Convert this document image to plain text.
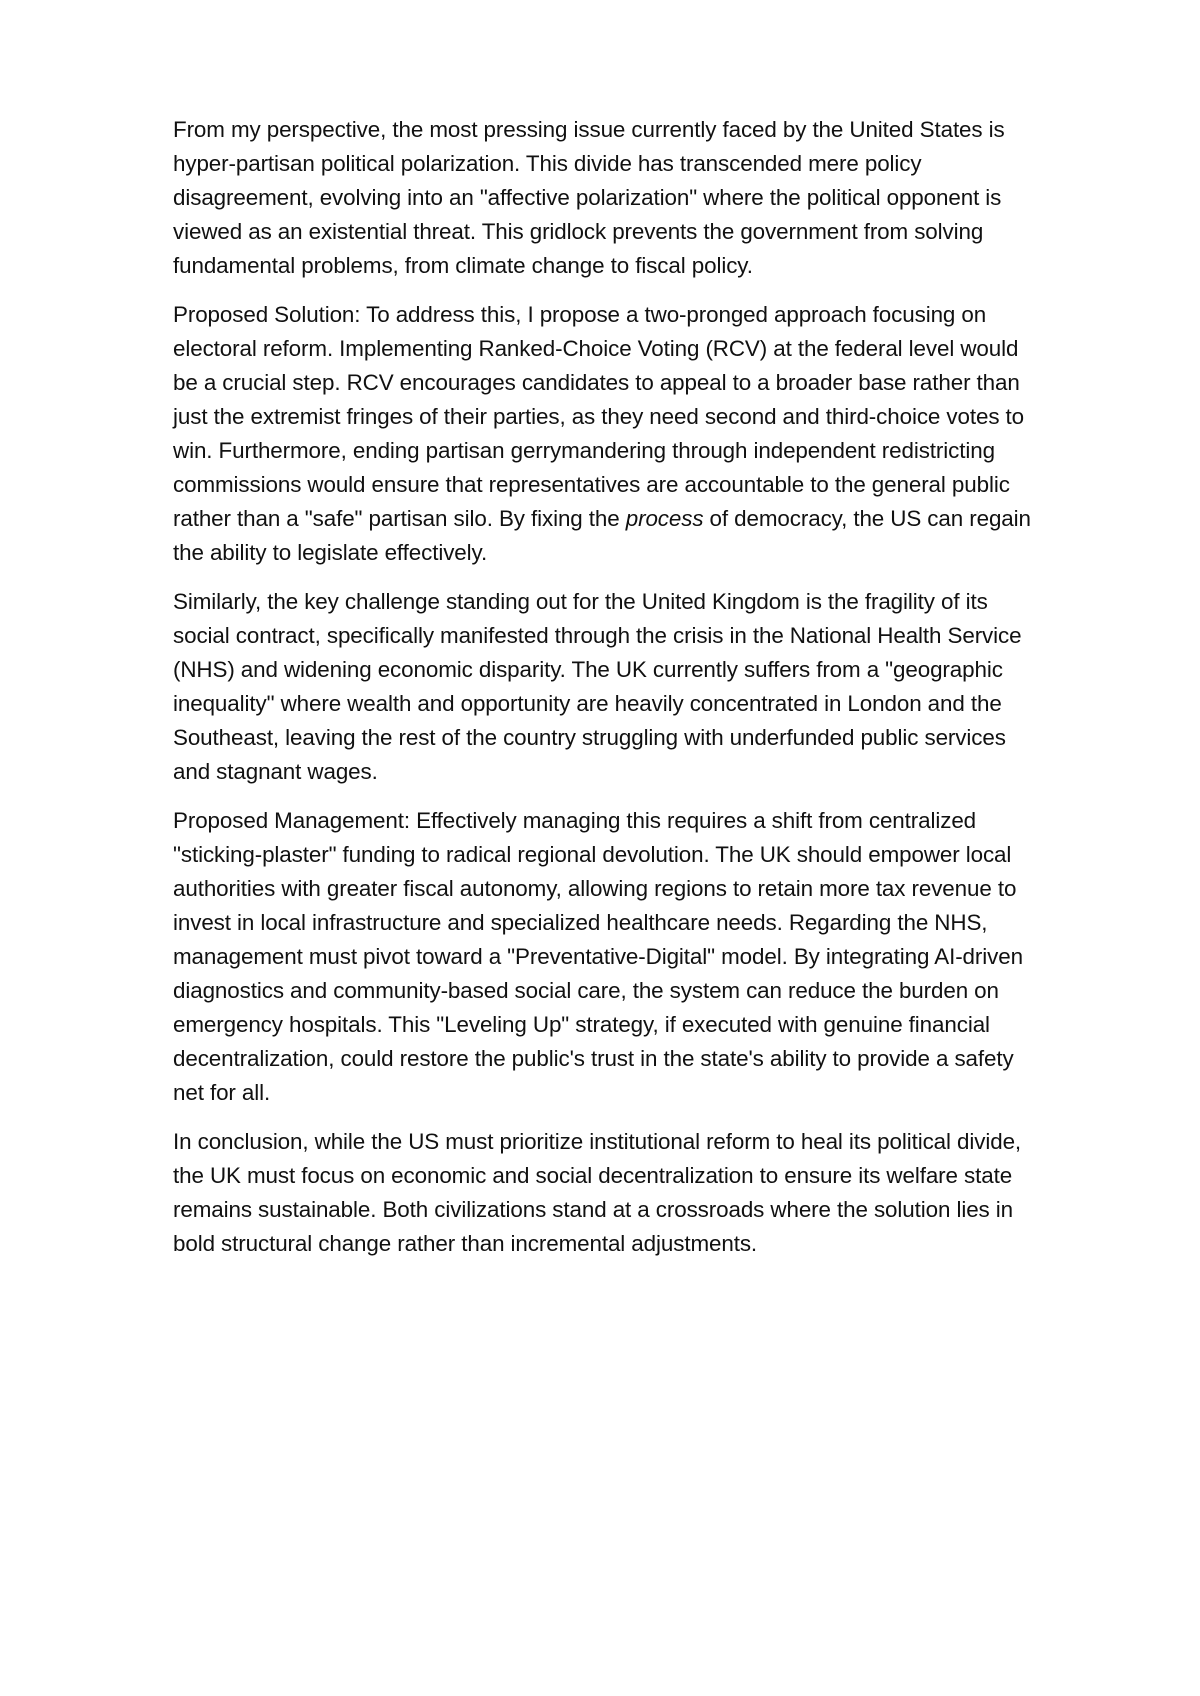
From my perspective, the most pressing issue currently faced by the United States is hyper-partisan political polarization. This divide has transcended mere policy disagreement, evolving into an "affective polarization" where the political opponent is viewed as an existential threat. This gridlock prevents the government from solving fundamental problems, from climate change to fiscal policy.

Proposed Solution: To address this, I propose a two-pronged approach focusing on electoral reform. Implementing Ranked-Choice Voting (RCV) at the federal level would be a crucial step. RCV encourages candidates to appeal to a broader base rather than just the extremist fringes of their parties, as they need second and third-choice votes to win. Furthermore, ending partisan gerrymandering through independent redistricting commissions would ensure that representatives are accountable to the general public rather than a "safe" partisan silo. By fixing the process of democracy, the US can regain the ability to legislate effectively.

Similarly, the key challenge standing out for the United Kingdom is the fragility of its social contract, specifically manifested through the crisis in the National Health Service (NHS) and widening economic disparity. The UK currently suffers from a "geographic inequality" where wealth and opportunity are heavily concentrated in London and the Southeast, leaving the rest of the country struggling with underfunded public services and stagnant wages.

Proposed Management: Effectively managing this requires a shift from centralized "sticking-plaster" funding to radical regional devolution. The UK should empower local authorities with greater fiscal autonomy, allowing regions to retain more tax revenue to invest in local infrastructure and specialized healthcare needs. Regarding the NHS, management must pivot toward a "Preventative-Digital" model. By integrating AI-driven diagnostics and community-based social care, the system can reduce the burden on emergency hospitals. This "Leveling Up" strategy, if executed with genuine financial decentralization, could restore the public's trust in the state's ability to provide a safety net for all.

In conclusion, while the US must prioritize institutional reform to heal its political divide, the UK must focus on economic and social decentralization to ensure its welfare state remains sustainable. Both civilizations stand at a crossroads where the solution lies in bold structural change rather than incremental adjustments.
